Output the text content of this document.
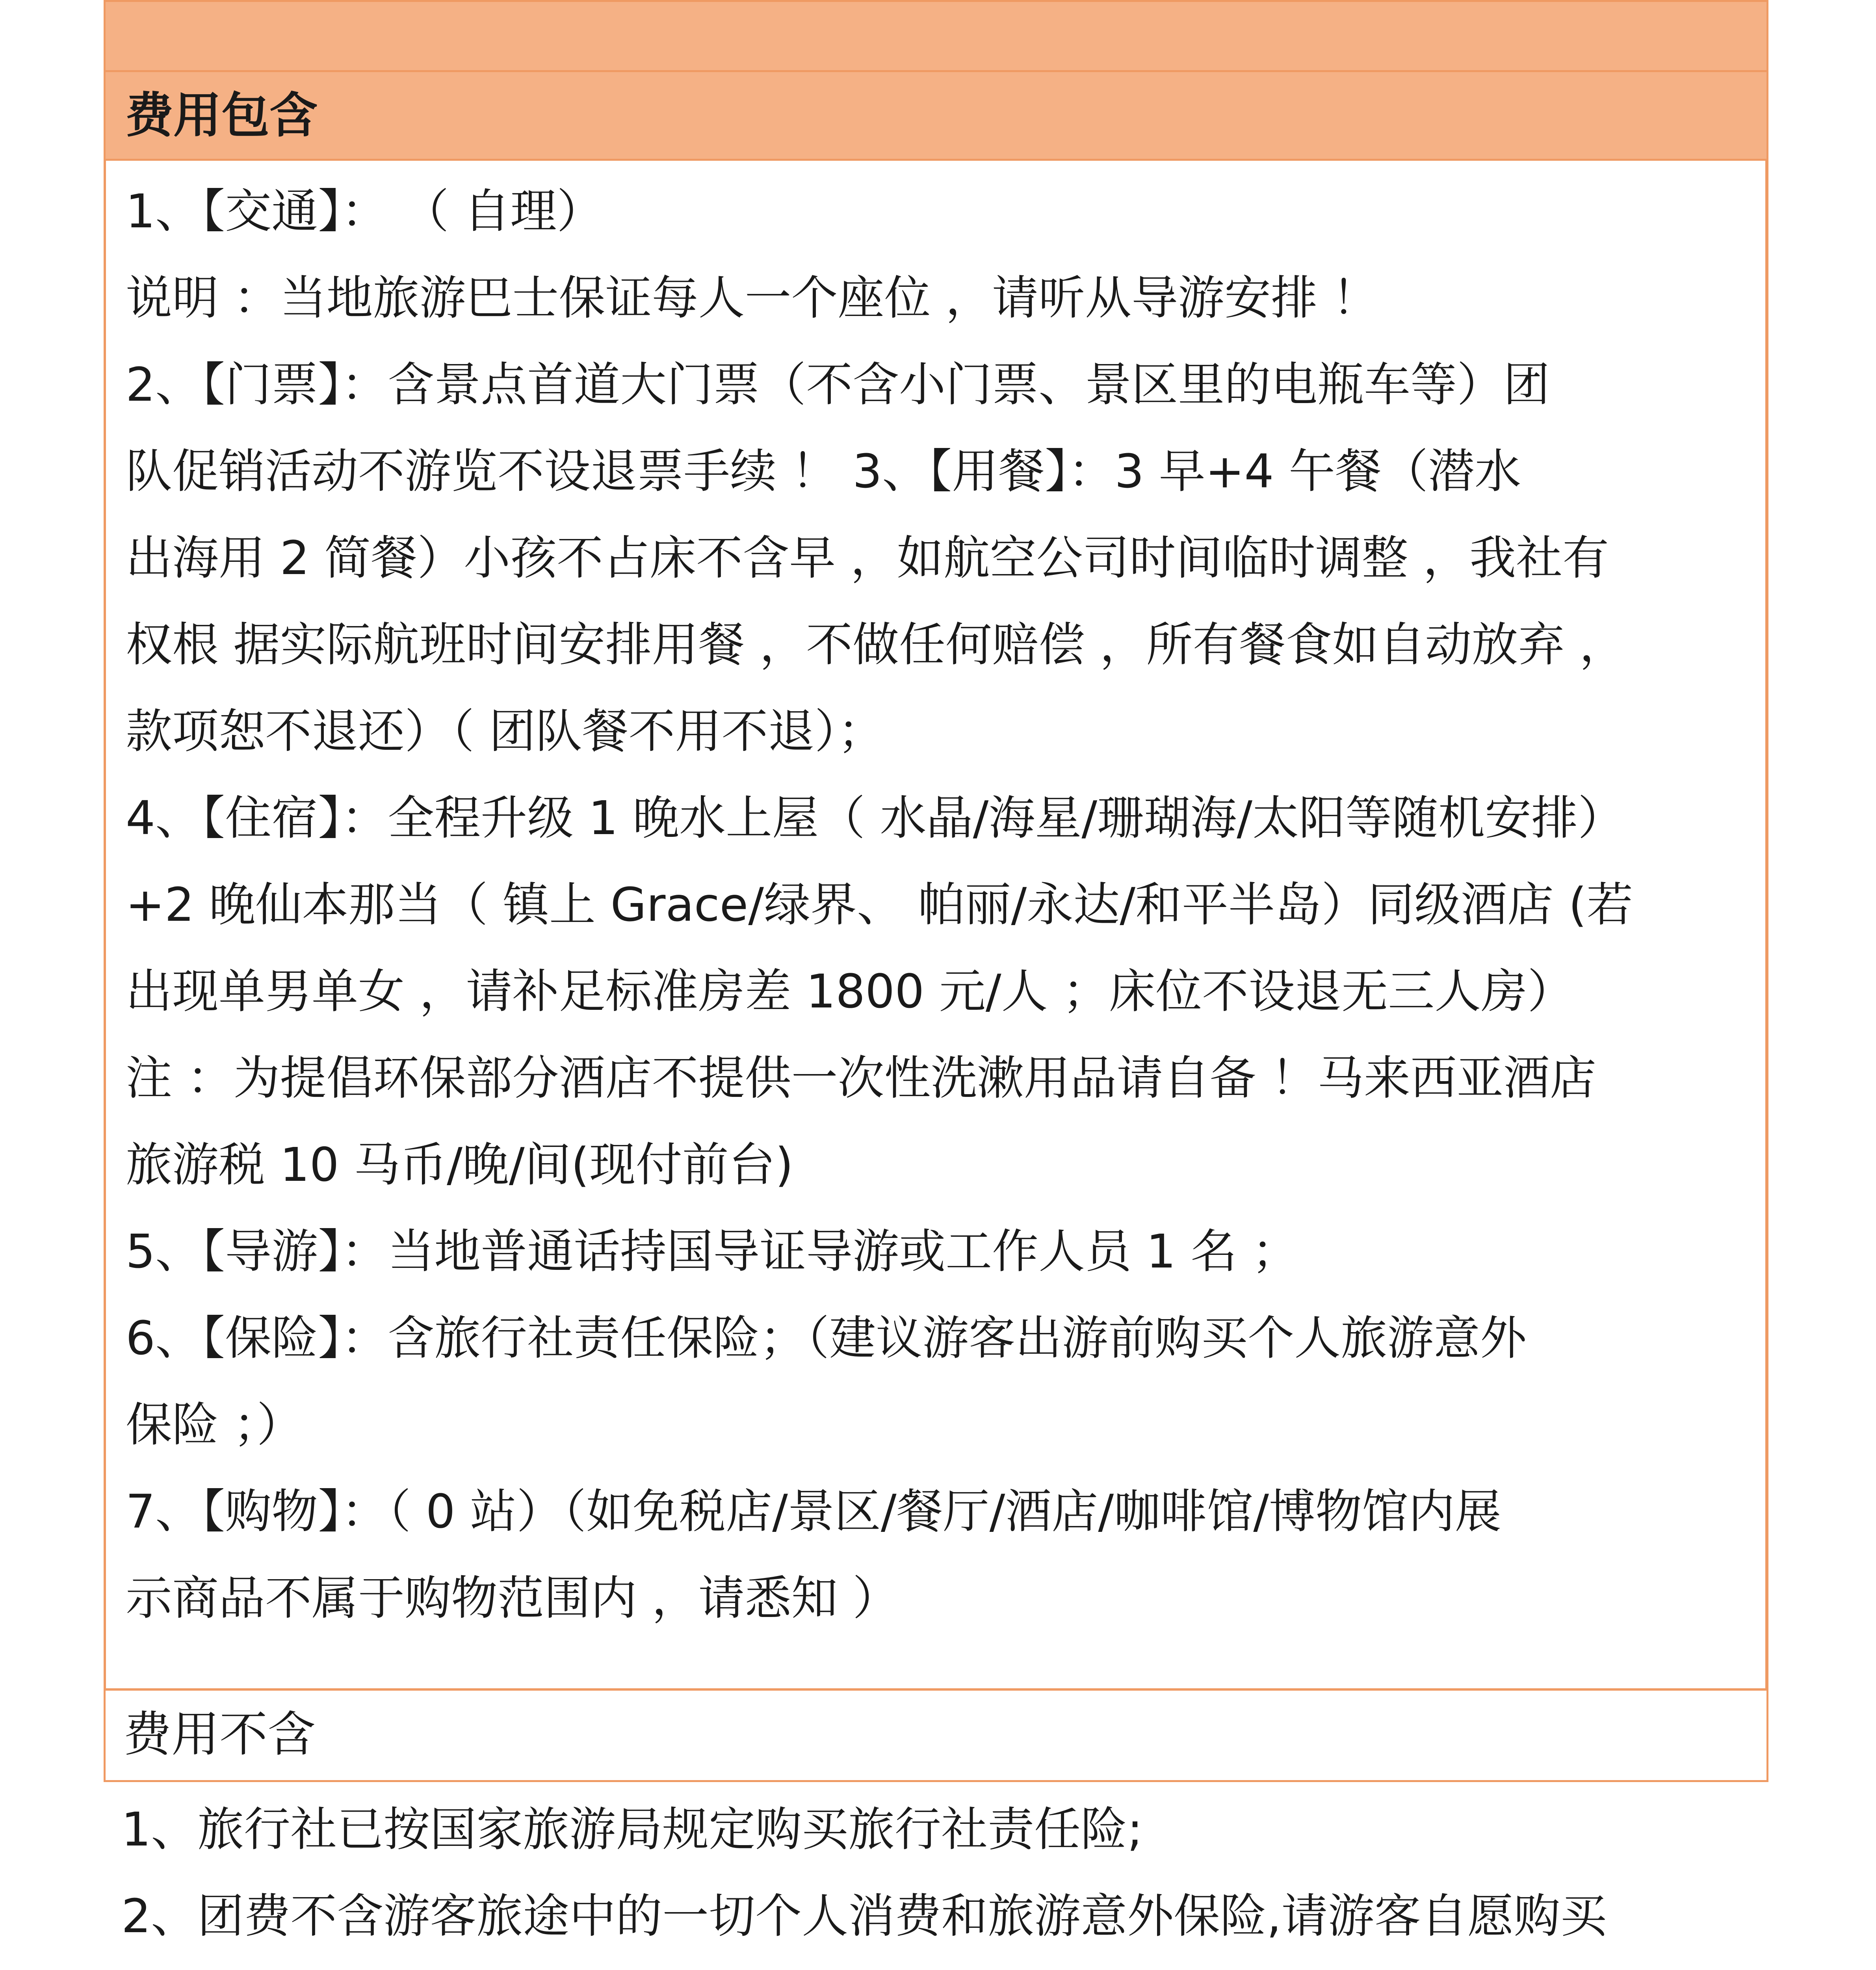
费用包含
1、【交通】： （ 自理）
说明 ：当地旅游巴士保证每人一个座位 ，请听从导游安排 ！
2、【门票】：含景点首道大门票（不含小门票、景区里的电瓶车等）团
队促销活动不游览不设退票手续 ！ 3、【用餐】：3 早+4 午餐（潜水
出海用 2 简餐）小孩不占床不含早 ，如航空公司时间临时调整 ，我社有
权根 据实际航班时间安排用餐 ，不做任何赔偿 ，所有餐食如自动放弃 ，
款项恕不退还）（ 团队餐不用不退）；
4、【住宿】：全程升级 1 晚水上屋（ 水晶/海星/珊瑚海/太阳等随机安排）
+2 晚仙本那当（ 镇上 Grace/绿界、 帕丽/永达/和平半岛）同级酒店 (若
出现单男单女 ，请补足标准房差 1800 元/人 ；床位不设退无三人房）
注 ：为提倡环保部分酒店不提供一次性洗漱用品请自备 ！马来西亚酒店
旅游税 10 马币/晚/间(现付前台)
5、【导游】：当地普通话持国导证导游或工作人员 1 名 ；
6、【保险】：含旅行社责任保险；（建议游客出游前购买个人旅游意外
保险 ；）
7、【购物】：（ 0 站）（如免税店/景区/餐厅/酒店/咖啡馆/博物馆内展
示商品不属于购物范围内 ，请悉知 ）
费用不含
1、旅行社已按国家旅游局规定购买旅行社责任险;
2、团费不含游客旅途中的一切个人消费和旅游意外保险,请游客自愿购买
